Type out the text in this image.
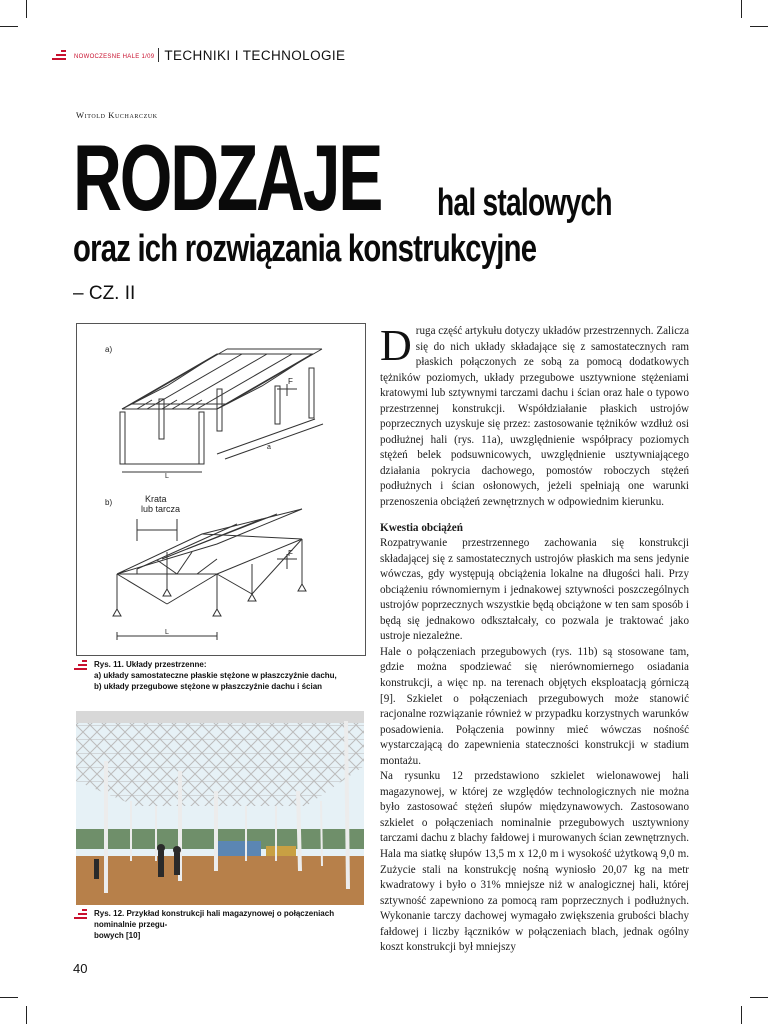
NOWOCZESNE HALE 1/09 TECHNIKI I TECHNOLOGIE
Witold Kucharczuk
RODZAJE hal stalowych
oraz ich rozwiązania konstrukcyjne
– CZ. II
a)
b)	Krata
lub tarcza
F
F
L
L
a
Rys. 11. Układy przestrzenne:
a) układy samostateczne płaskie stężone w płaszczyźnie dachu,
b) układy przegubowe stężone w płaszczyźnie dachu i ścian
Rys. 12. Przykład konstrukcji hali magazynowej o połączeniach nominalnie przegu-
bowych [10]

Druga część artykułu dotyczy układów przestrzennych. Zalicza się do nich układy składające się z samostatecznych ram płaskich połączonych ze sobą za pomocą dodatkowych tężników poziomych, układy przegubowe usztywnione stężeniami kratowymi lub sztywnymi tarczami dachu i ścian oraz hale o typowo przestrzennej konstrukcji. Współdziałanie płaskich ustrojów poprzecznych uzyskuje się przez: zastosowanie tężników wzdłuż osi podłużnej hali (rys. 11a), uwzględnienie współpracy poziomych stężeń belek podsuwnicowych, uwzględnienie usztywniającego działania pokrycia dachowego, pomostów roboczych stężeń podłużnych i ścian osłonowych, jeżeli spełniają one warunki przenoszenia obciążeń zewnętrznych w odpowiednim kierunku.

Kwestia obciążeń

Rozpatrywanie przestrzennego zachowania się konstrukcji składającej się z samostatecznych ustrojów płaskich ma sens jedynie wówczas, gdy występują obciążenia lokalne na długości hali. Przy obciążeniu równomiernym i jednakowej sztywności poszczególnych ustrojów poprzecznych wszystkie będą obciążone w ten sam sposób i będą się jednakowo odkształcały, co pozwala je traktować jako ustroje niezależne.

Hale o połączeniach przegubowych (rys. 11b) są stosowane tam, gdzie można spodziewać się nierównomiernego osiadania konstrukcji, a więc np. na terenach objętych eksploatacją górniczą [9]. Szkielet o połączeniach przegubowych może stanowić racjonalne rozwiązanie również w przypadku korzystnych warunków posadowienia. Połączenia powinny mieć wówczas nośność wystarczającą do zapewnienia stateczności konstrukcji w stadium montażu.

Na rysunku 12 przedstawiono szkielet wielonawowej hali magazynowej, w której ze względów technologicznych nie można było zastosować stężeń słupów międzynawowych. Zastosowano szkielet o połączeniach nominalnie przegubowych usztywniony tarczami dachu z blachy fałdowej i murowanych ścian zewnętrznych. Hala ma siatkę słupów 13,5 m x 12,0 m i wysokość użytkową 9,0 m. Zużycie stali na konstrukcję nośną wyniosło 20,07 kg na metr kwadratowy i było o 31% mniejsze niż w analogicznej hali, której sztywność zapewniono za pomocą ram poprzecznych i podłużnych. Wykonanie tarczy dachowej wymagało zwiększenia grubości blachy fałdowej i liczby łączników w połączeniach blach, jednak ogólny koszt konstrukcji był mniejszy

40
